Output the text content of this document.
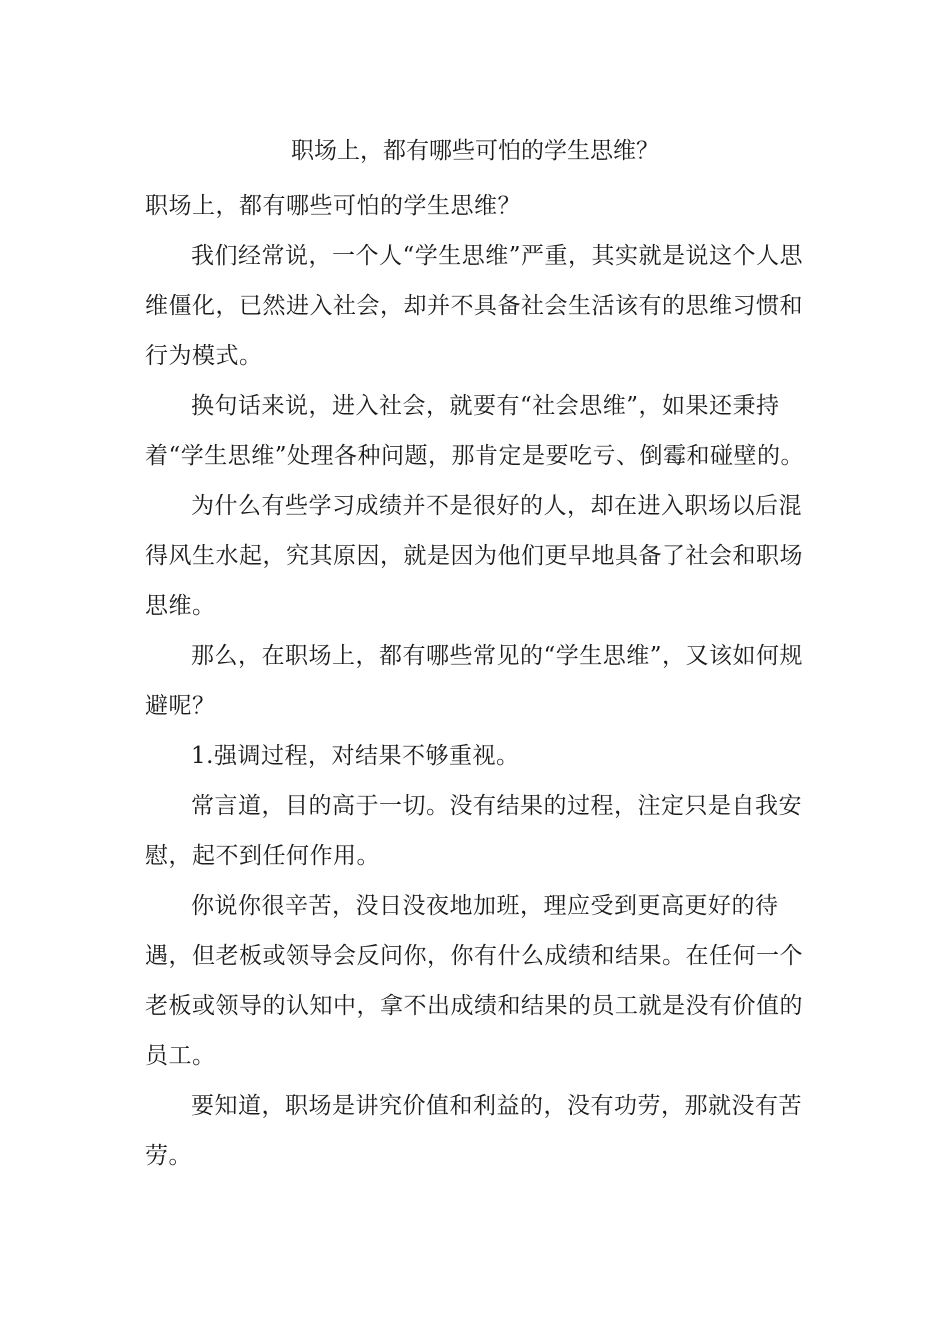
职场上，都有哪些可怕的学生思维？

职场上，都有哪些可怕的学生思维？

我们经常说，一个人“学生思维”严重，其实就是说这个人思维僵化，已然进入社会，却并不具备社会生活该有的思维习惯和行为模式。

换句话来说，进入社会，就要有“社会思维”，如果还秉持着“学生思维”处理各种问题，那肯定是要吃亏、倒霉和碰壁的。

为什么有些学习成绩并不是很好的人，却在进入职场以后混得风生水起，究其原因，就是因为他们更早地具备了社会和职场思维。

那么，在职场上，都有哪些常见的“学生思维”，又该如何规避呢？

1.强调过程，对结果不够重视。

常言道，目的高于一切。没有结果的过程，注定只是自我安慰，起不到任何作用。

你说你很辛苦，没日没夜地加班，理应受到更高更好的待遇，但老板或领导会反问你，你有什么成绩和结果。在任何一个老板或领导的认知中，拿不出成绩和结果的员工就是没有价值的员工。

要知道，职场是讲究价值和利益的，没有功劳，那就没有苦劳。
